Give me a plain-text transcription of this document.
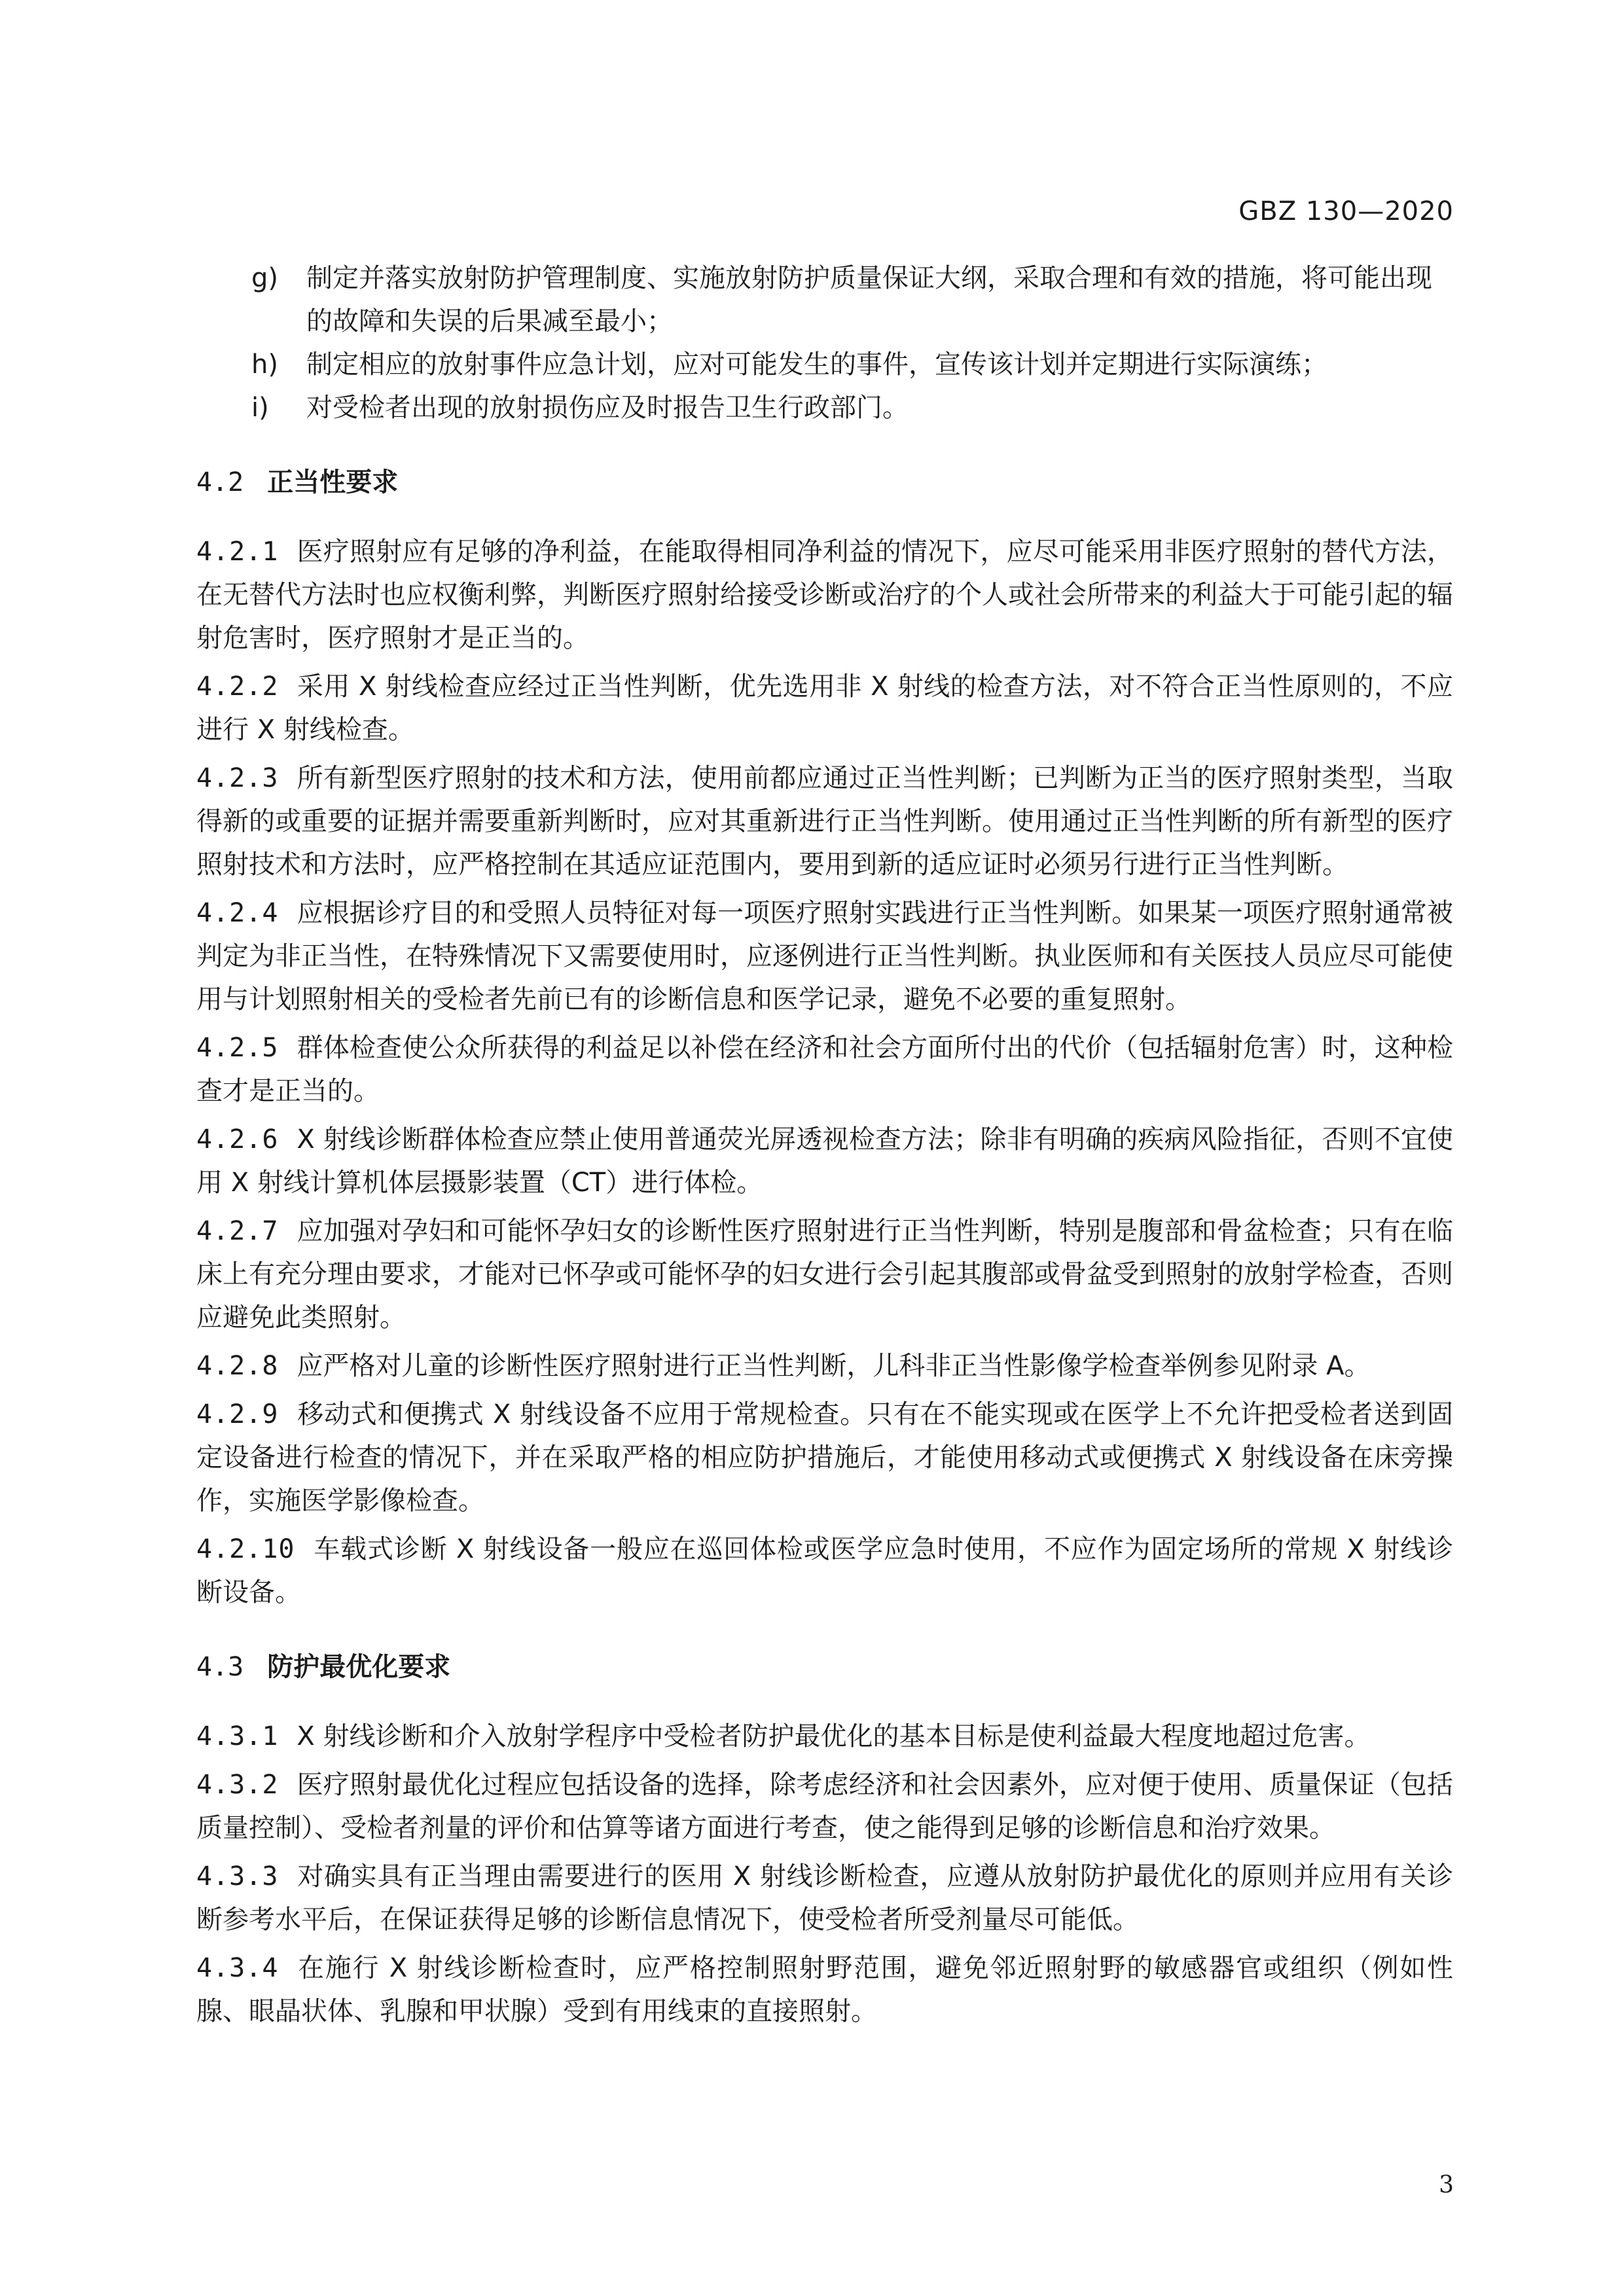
GBZ 130—2020

g) 制定并落实放射防护管理制度、实施放射防护质量保证大纲，采取合理和有效的措施，将可能出现的故障和失误的后果减至最小；

h) 制定相应的放射事件应急计划，应对可能发生的事件，宣传该计划并定期进行实际演练；

i) 对受检者出现的放射损伤应及时报告卫生行政部门。

4.2 正当性要求

4.2.1 医疗照射应有足够的净利益，在能取得相同净利益的情况下，应尽可能采用非医疗照射的替代方法，在无替代方法时也应权衡利弊，判断医疗照射给接受诊断或治疗的个人或社会所带来的利益大于可能引起的辐射危害时，医疗照射才是正当的。

4.2.2 采用 X 射线检查应经过正当性判断，优先选用非 X 射线的检查方法，对不符合正当性原则的，不应进行 X 射线检查。

4.2.3 所有新型医疗照射的技术和方法，使用前都应通过正当性判断；已判断为正当的医疗照射类型，当取得新的或重要的证据并需要重新判断时，应对其重新进行正当性判断。使用通过正当性判断的所有新型的医疗照射技术和方法时，应严格控制在其适应证范围内，要用到新的适应证时必须另行进行正当性判断。

4.2.4 应根据诊疗目的和受照人员特征对每一项医疗照射实践进行正当性判断。如果某一项医疗照射通常被判定为非正当性，在特殊情况下又需要使用时，应逐例进行正当性判断。执业医师和有关医技人员应尽可能使用与计划照射相关的受检者先前已有的诊断信息和医学记录，避免不必要的重复照射。

4.2.5 群体检查使公众所获得的利益足以补偿在经济和社会方面所付出的代价（包括辐射危害）时，这种检查才是正当的。

4.2.6 X 射线诊断群体检查应禁止使用普通荧光屏透视检查方法；除非有明确的疾病风险指征，否则不宜使用 X 射线计算机体层摄影装置（CT）进行体检。

4.2.7 应加强对孕妇和可能怀孕妇女的诊断性医疗照射进行正当性判断，特别是腹部和骨盆检查；只有在临床上有充分理由要求，才能对已怀孕或可能怀孕的妇女进行会引起其腹部或骨盆受到照射的放射学检查，否则应避免此类照射。

4.2.8 应严格对儿童的诊断性医疗照射进行正当性判断，儿科非正当性影像学检查举例参见附录 A。

4.2.9 移动式和便携式 X 射线设备不应用于常规检查。只有在不能实现或在医学上不允许把受检者送到固定设备进行检查的情况下，并在采取严格的相应防护措施后，才能使用移动式或便携式 X 射线设备在床旁操作，实施医学影像检查。

4.2.10 车载式诊断 X 射线设备一般应在巡回体检或医学应急时使用，不应作为固定场所的常规 X 射线诊断设备。

4.3 防护最优化要求

4.3.1 X 射线诊断和介入放射学程序中受检者防护最优化的基本目标是使利益最大程度地超过危害。

4.3.2 医疗照射最优化过程应包括设备的选择，除考虑经济和社会因素外，应对便于使用、质量保证（包括质量控制）、受检者剂量的评价和估算等诸方面进行考查，使之能得到足够的诊断信息和治疗效果。

4.3.3 对确实具有正当理由需要进行的医用 X 射线诊断检查，应遵从放射防护最优化的原则并应用有关诊断参考水平后，在保证获得足够的诊断信息情况下，使受检者所受剂量尽可能低。

4.3.4 在施行 X 射线诊断检查时，应严格控制照射野范围，避免邻近照射野的敏感器官或组织（例如性腺、眼晶状体、乳腺和甲状腺）受到有用线束的直接照射。

3
